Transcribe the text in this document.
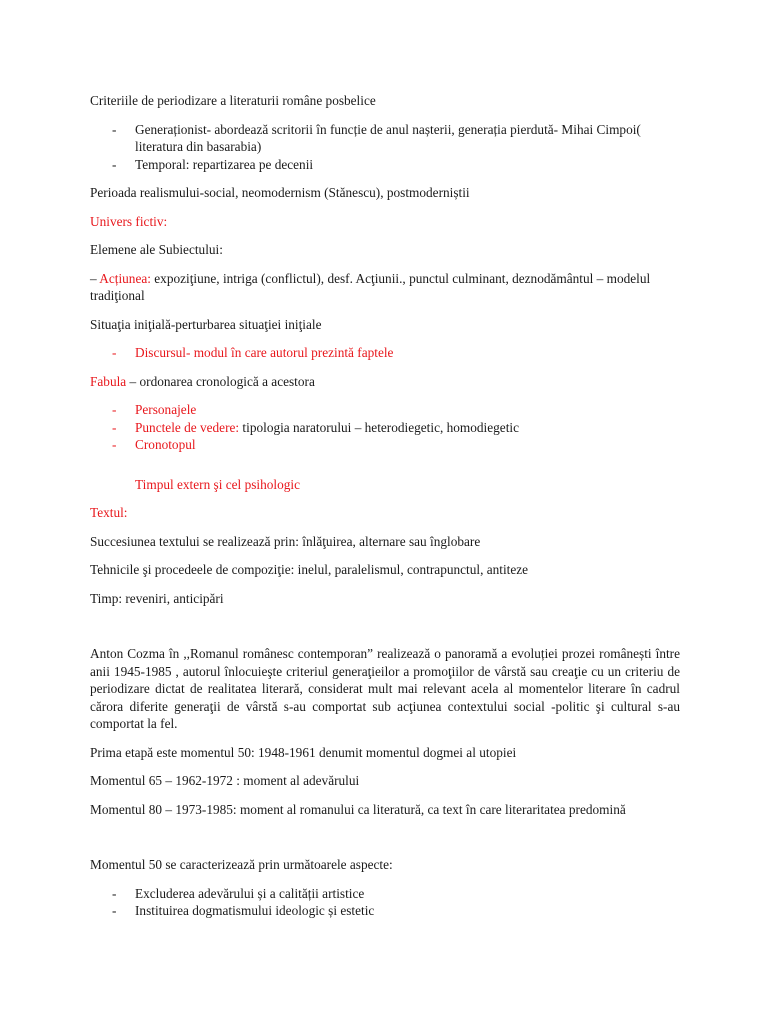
Criteriile de periodizare a literaturii române posbelice

- Generaționist- abordează scritorii în funcție de anul nașterii, generația pierdută- Mihai Cimpoi( literatura din basarabia)
- Temporal: repartizarea pe decenii

Perioada realismului-social, neomodernism (Stănescu), postmoderniștii

Univers fictiv:

Elemene ale Subiectului:

– Acțiunea: expoziţiune, intriga (conflictul), desf. Acţiunii., punctul culminant, deznodământul – modelul tradiţional

Situaţia iniţială-perturbarea situaţiei iniţiale

- Discursul- modul în care autorul prezintă faptele

Fabula – ordonarea cronologică a acestora

- Personajele
- Punctele de vedere: tipologia naratorului – heterodiegetic, homodiegetic
- Cronotopul

Timpul extern şi cel psihologic

Textul:

Succesiunea textului se realizează prin: înlăţuirea, alternare sau înglobare

Tehnicile şi procedeele de compoziţie: inelul, paralelismul, contrapunctul, antiteze

Timp: reveniri, anticipări

Anton Cozma în ,,Romanul românesc contemporan” realizează o panoramă a evoluției prozei românești între anii 1945-1985 , autorul înlocuieşte criteriul generaţieilor a promoţiilor de vârstă sau creaţie cu un criteriu de periodizare dictat de realitatea literară, considerat mult mai relevant acela al momentelor literare în cadrul cărora diferite generaţii de vârstă s-au comportat sub acţiunea contextului social -politic şi cultural s-au comportat la fel.

Prima etapă este momentul 50: 1948-1961 denumit momentul dogmei al utopiei

Momentul 65 – 1962-1972 : moment al adevărului

Momentul 80 – 1973-1985: moment al romanului ca literatură, ca text în care literaritatea predomină

Momentul 50 se caracterizează prin următoarele aspecte:

- Excluderea adevărului și a calității artistice
- Instituirea dogmatismului ideologic și estetic
